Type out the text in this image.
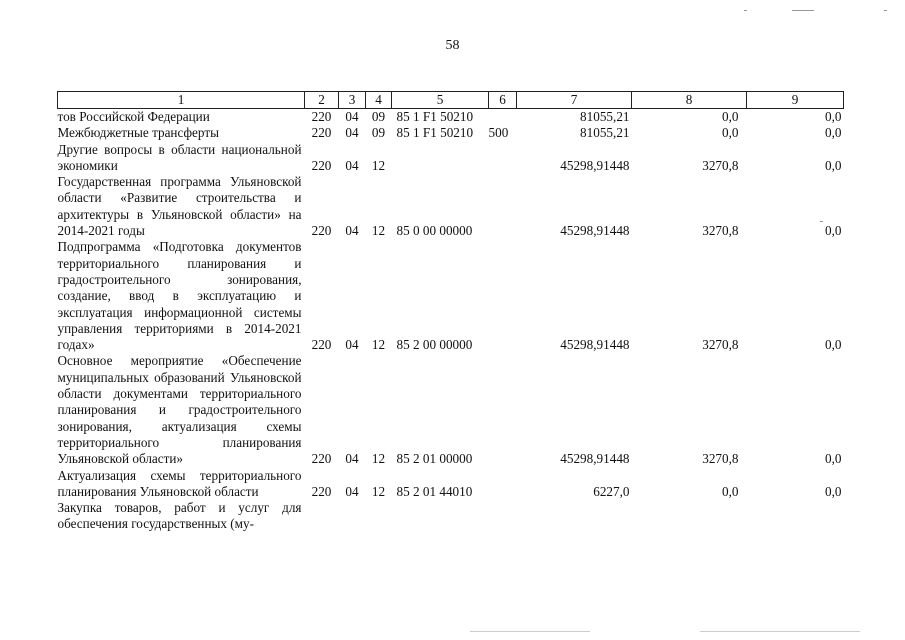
58
1	2	3	4	5	6	7	8	9
тов Российской Федерации	220	04	09	85 1 F1 50210		81055,21	0,0	0,0
Межбюджетные трансферты	220	04	09	85 1 F1 50210	500	81055,21	0,0	0,0
Другие вопросы в области национальной экономики	220	04	12			45298,91448	3270,8	0,0
Государственная программа Ульяновской области «Развитие строительства и архитектуры в Ульяновской области» на 2014-2021 годы	220	04	12	85 0 00 00000		45298,91448	3270,8	0,0
Подпрограмма «Подготовка документов территориального планирования и градостроительного зонирования, создание, ввод в эксплуатацию и эксплуатация информационной системы управления территориями в 2014-2021 годах»	220	04	12	85 2 00 00000		45298,91448	3270,8	0,0
Основное мероприятие «Обеспечение муниципальных образований Ульяновской области документами территориального планирования и градостроительного зонирования, актуализация схемы территориального планирования Ульяновской области»	220	04	12	85 2 01 00000		45298,91448	3270,8	0,0
Актуализация схемы территориального планирования Ульяновской области	220	04	12	85 2 01 44010		6227,0	0,0	0,0
Закупка товаров, работ и услуг для обеспечения государственных (му-								
